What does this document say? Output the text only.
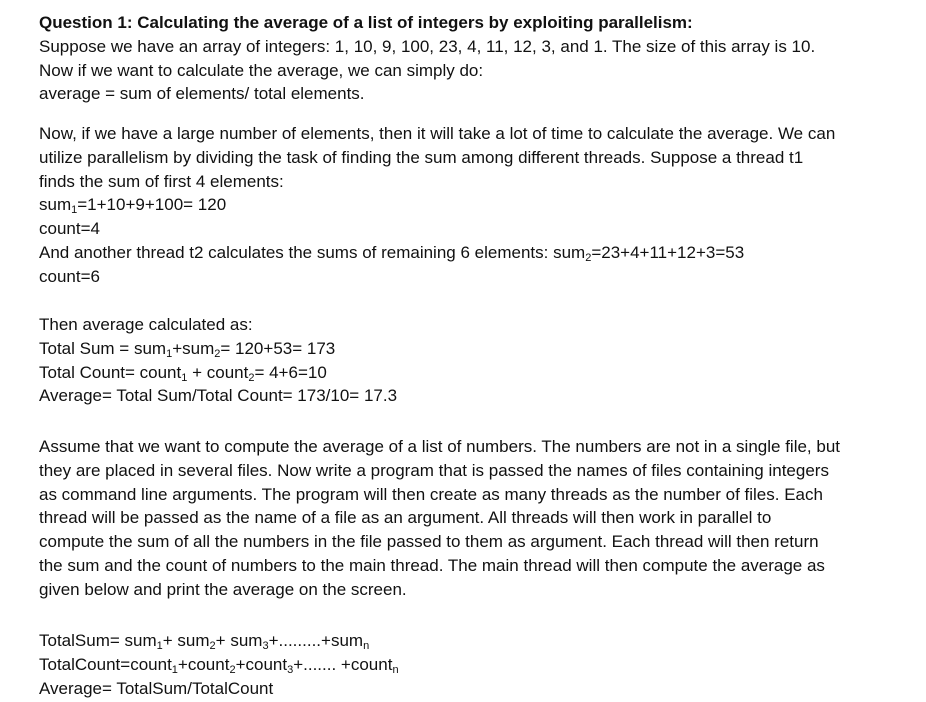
Question 1: Calculating the average of a list of integers by exploiting parallelism:
Suppose we have an array of integers: 1, 10, 9, 100, 23, 4, 11, 12, 3, and 1. The size of this array is 10.
Now if we want to calculate the average, we can simply do:
average = sum of elements/ total elements.
Now, if we have a large number of elements, then it will take a lot of time to calculate the average. We can
utilize parallelism by dividing the task of finding the sum among different threads. Suppose a thread t1
finds the sum of first 4 elements:
sum$_1$=1+10+9+100= 120
count=4
And another thread t2 calculates the sums of remaining 6 elements: sum$_2$=23+4+11+12+3=53
count=6
Then average calculated as:
Total Sum = sum$_1$+sum$_2$= 120+53= 173
Total Count= count$_1$ + count$_2$= 4+6=10
Average= Total Sum/Total Count= 173/10= 17.3
Assume that we want to compute the average of a list of numbers. The numbers are not in a single file, but
they are placed in several files. Now write a program that is passed the names of files containing integers
as command line arguments. The program will then create as many threads as the number of files. Each
thread will be passed as the name of a file as an argument. All threads will then work in parallel to
compute the sum of all the numbers in the file passed to them as argument. Each thread will then return
the sum and the count of numbers to the main thread. The main thread will then compute the average as
given below and print the average on the screen.
TotalSum= sum$_1$+ sum$_2$+ sum$_3$+.........+sum$_n$
TotalCount=count$_1$+count$_2$+count$_3$+....... +count$_n$
Average= TotalSum/TotalCount
